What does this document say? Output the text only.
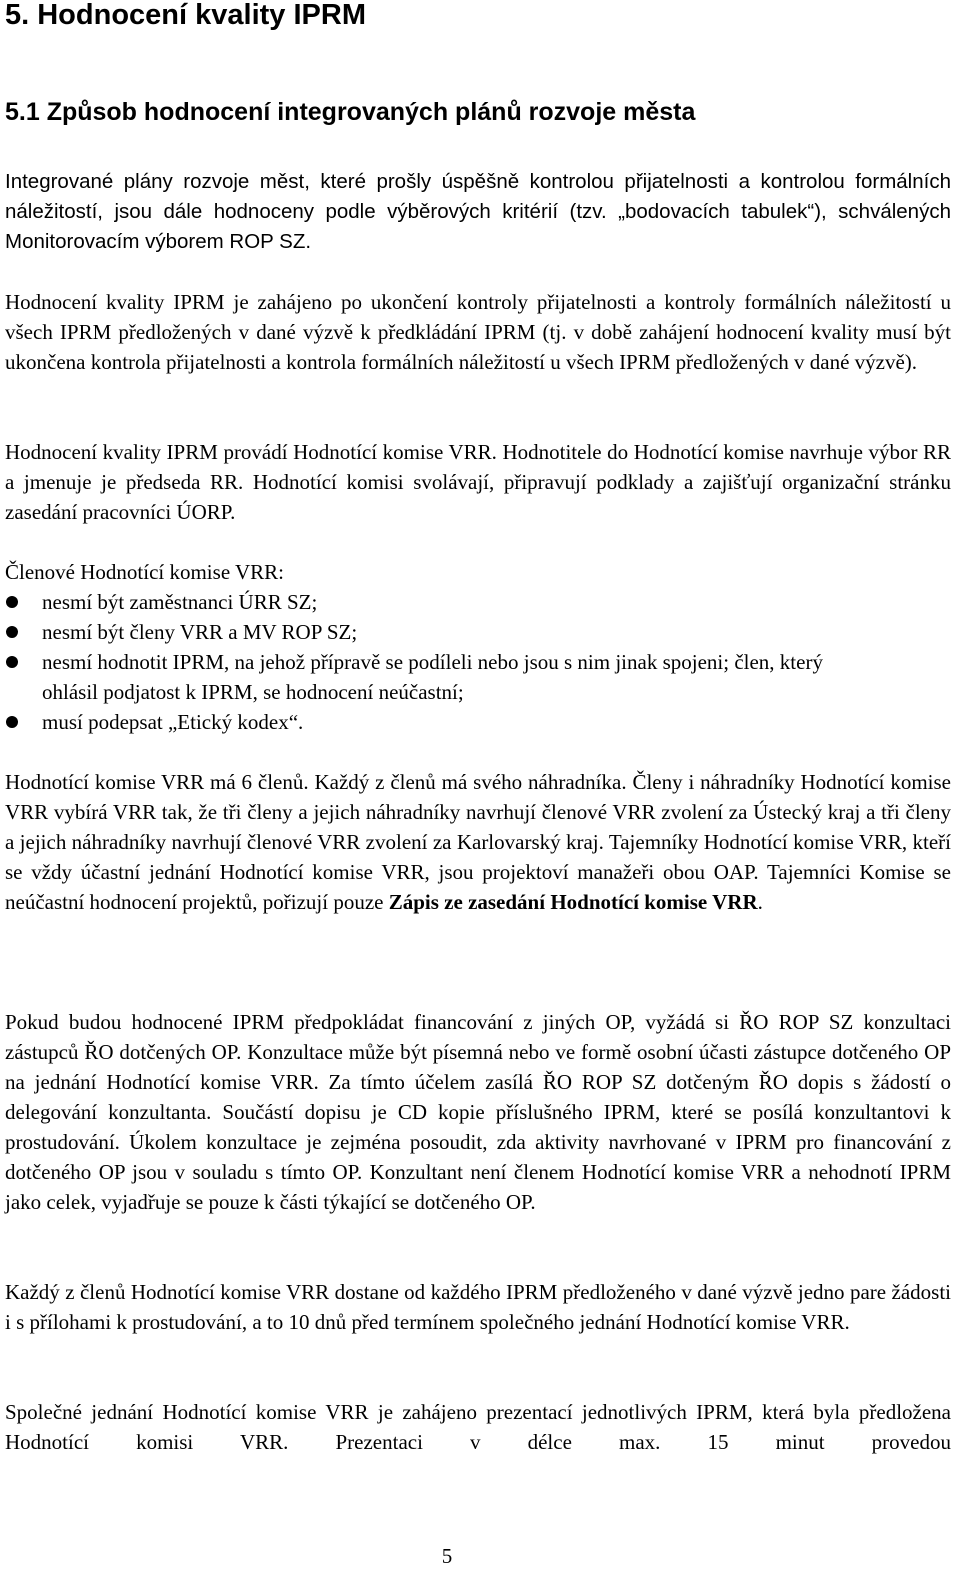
5. Hodnocení kvality IPRM
5.1 Způsob hodnocení integrovaných plánů rozvoje města

Integrované plány rozvoje měst, které prošly úspěšně kontrolou přijatelnosti a kontrolou formálních náležitostí, jsou dále hodnoceny podle výběrových kritérií (tzv. „bodovacích tabulek“), schválených Monitorovacím výborem ROP SZ.

Hodnocení kvality IPRM je zahájeno po ukončení kontroly přijatelnosti a kontroly formálních náležitostí u všech IPRM předložených v dané výzvě k předkládání IPRM (tj. v době zahájení hodnocení kvality musí být ukončena kontrola přijatelnosti a kontrola formálních náležitostí u všech IPRM předložených v dané výzvě).

Hodnocení kvality IPRM provádí Hodnotící komise VRR. Hodnotitele do Hodnotící komise navrhuje výbor RR a jmenuje je předseda RR. Hodnotící komisi svolávají, připravují podklady a zajišťují organizační stránku zasedání pracovníci ÚORP.

Členové Hodnotící komise VRR:

nesmí být zaměstnanci ÚRR SZ;
nesmí být členy VRR a MV ROP SZ;
nesmí hodnotit IPRM, na jehož přípravě se podíleli nebo jsou s nim jinak spojeni; člen, který ohlásil podjatost k IPRM, se hodnocení neúčastní;
musí podepsat „Etický kodex“.

Hodnotící komise VRR má 6 členů. Každý z členů má svého náhradníka. Členy i náhradníky Hodnotící komise VRR vybírá VRR tak, že tři členy a jejich náhradníky navrhují členové VRR zvolení za Ústecký kraj a tři členy a jejich náhradníky navrhují členové VRR zvolení za Karlovarský kraj. Tajemníky Hodnotící komise VRR, kteří se vždy účastní jednání Hodnotící komise VRR, jsou projektoví manažeři obou OAP. Tajemníci Komise se neúčastní hodnocení projektů, pořizují pouze Zápis ze zasedání Hodnotící komise VRR.

Pokud budou hodnocené IPRM předpokládat financování z jiných OP, vyžádá si ŘO ROP SZ konzultaci zástupců ŘO dotčených OP. Konzultace může být písemná nebo ve formě osobní účasti zástupce dotčeného OP na jednání Hodnotící komise VRR. Za tímto účelem zasílá ŘO ROP SZ dotčeným ŘO dopis s žádostí o delegování konzultanta. Součástí dopisu je CD kopie příslušného IPRM, které se posílá konzultantovi k prostudování. Úkolem konzultace je zejména posoudit, zda aktivity navrhované v IPRM pro financování z dotčeného OP jsou v souladu s tímto OP. Konzultant není členem Hodnotící komise VRR a nehodnotí IPRM jako celek, vyjadřuje se pouze k části týkající se dotčeného OP.

Každý z členů Hodnotící komise VRR dostane od každého IPRM předloženého v dané výzvě jedno pare žádosti i s přílohami k prostudování, a to 10 dnů před termínem společného jednání Hodnotící komise VRR.

Společné jednání Hodnotící komise VRR je zahájeno prezentací jednotlivých IPRM, která byla předložena Hodnotící komisi VRR. Prezentaci v délce max. 15 minut provedou

5
